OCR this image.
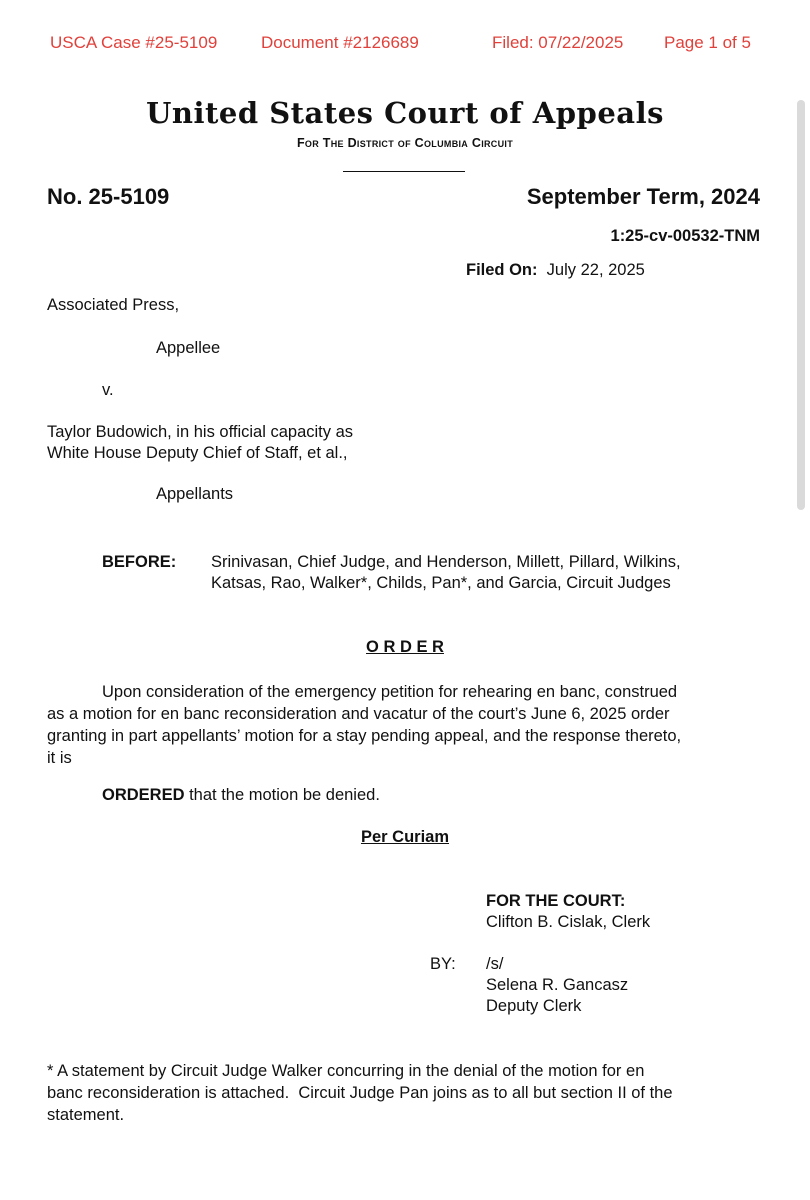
USCA Case #25-5109	Document #2126689	Filed: 07/22/2025 Page 1 of 5
United States Court of Appeals
For The District of Columbia Circuit
No. 25-5109	September Term, 2024
1:25-cv-00532-TNM
Filed On: July 22, 2025
Associated Press,
Appellee
v.
Taylor Budowich, in his official capacity as
White House Deputy Chief of Staff, et al.,
Appellants
BEFORE: Srinivasan, Chief Judge, and Henderson, Millett, Pillard, Wilkins,
Katsas, Rao, Walker*, Childs, Pan*, and Garcia, Circuit Judges
O R D E R
Upon consideration of the emergency petition for rehearing en banc, construed
as a motion for en banc reconsideration and vacatur of the court’s June 6, 2025 order
granting in part appellants’ motion for a stay pending appeal, and the response thereto,
it is
ORDERED that the motion be denied.
Per Curiam
FOR THE COURT:
Clifton B. Cislak, Clerk
BY: /s/
Selena R. Gancasz
Deputy Clerk
* A statement by Circuit Judge Walker concurring in the denial of the motion for en
banc reconsideration is attached.  Circuit Judge Pan joins as to all but section II of the
statement.
